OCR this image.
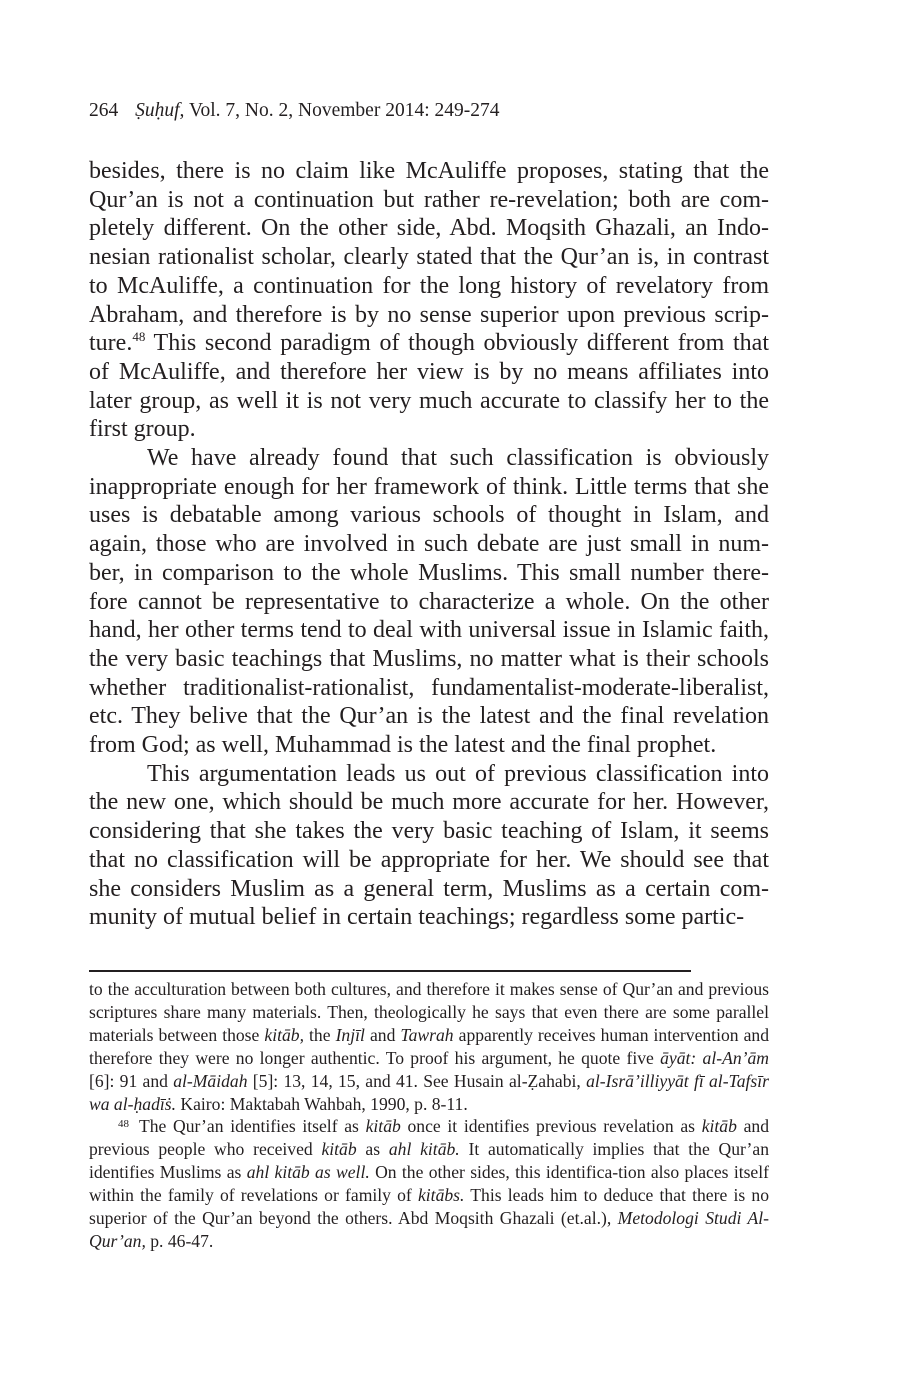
264 Ṣuḥuf, Vol. 7, No. 2, November 2014: 249-274

besides, there is no claim like McAuliffe proposes, stating that the Qur’an is not a continuation but rather re-revelation; both are com-pletely different. On the other side, Abd. Moqsith Ghazali, an Indo-nesian rationalist scholar, clearly stated that the Qur’an is, in contrast to McAuliffe, a continuation for the long history of revelatory from Abraham, and therefore is by no sense superior upon previous scrip-ture.$^{48}$ This second paradigm of though obviously different from that of McAuliffe, and therefore her view is by no means affiliates into later group, as well it is not very much accurate to classify her to the first group.

We have already found that such classification is obviously inappropriate enough for her framework of think. Little terms that she uses is debatable among various schools of thought in Islam, and again, those who are involved in such debate are just small in num-ber, in comparison to the whole Muslims. This small number there-fore cannot be representative to characterize a whole. On the other hand, her other terms tend to deal with universal issue in Islamic faith, the very basic teachings that Muslims, no matter what is their schools whether traditionalist-rationalist, fundamentalist-moderate-liberalist, etc. They belive that the Qur’an is the latest and the final revelation from God; as well, Muhammad is the latest and the final prophet.

This argumentation leads us out of previous classification into the new one, which should be much more accurate for her. However, considering that she takes the very basic teaching of Islam, it seems that no classification will be appropriate for her. We should see that she considers Muslim as a general term, Muslims as a certain com-munity of mutual belief in certain teachings; regardless some partic-

to the acculturation between both cultures, and therefore it makes sense of Qur’an and previous scriptures share many materials. Then, theologically he says that even there are some parallel materials between those kitāb, the Injīl and Tawrah apparently receives human intervention and therefore they were no longer authentic. To proof his argument, he quote five āyāt: al-An’ām [6]: 91 and al-Māidah [5]: 13, 14, 15, and 41. See Husain al-Ẓahabi, al-Isrā’illiyyāt fī al-Tafsīr wa al-ḥadīṡ. Kairo: Maktabah Wahbah, 1990, p. 8-11.

$^{48}$ The Qur’an identifies itself as kitāb once it identifies previous revelation as kitāb and previous people who received kitāb as ahl kitāb. It automatically implies that the Qur’an identifies Muslims as ahl kitāb as well. On the other sides, this identifica-tion also places itself within the family of revelations or family of kitābs. This leads him to deduce that there is no superior of the Qur’an beyond the others. Abd Moqsith Ghazali (et.al.), Metodologi Studi Al-Qur’an, p. 46-47.
